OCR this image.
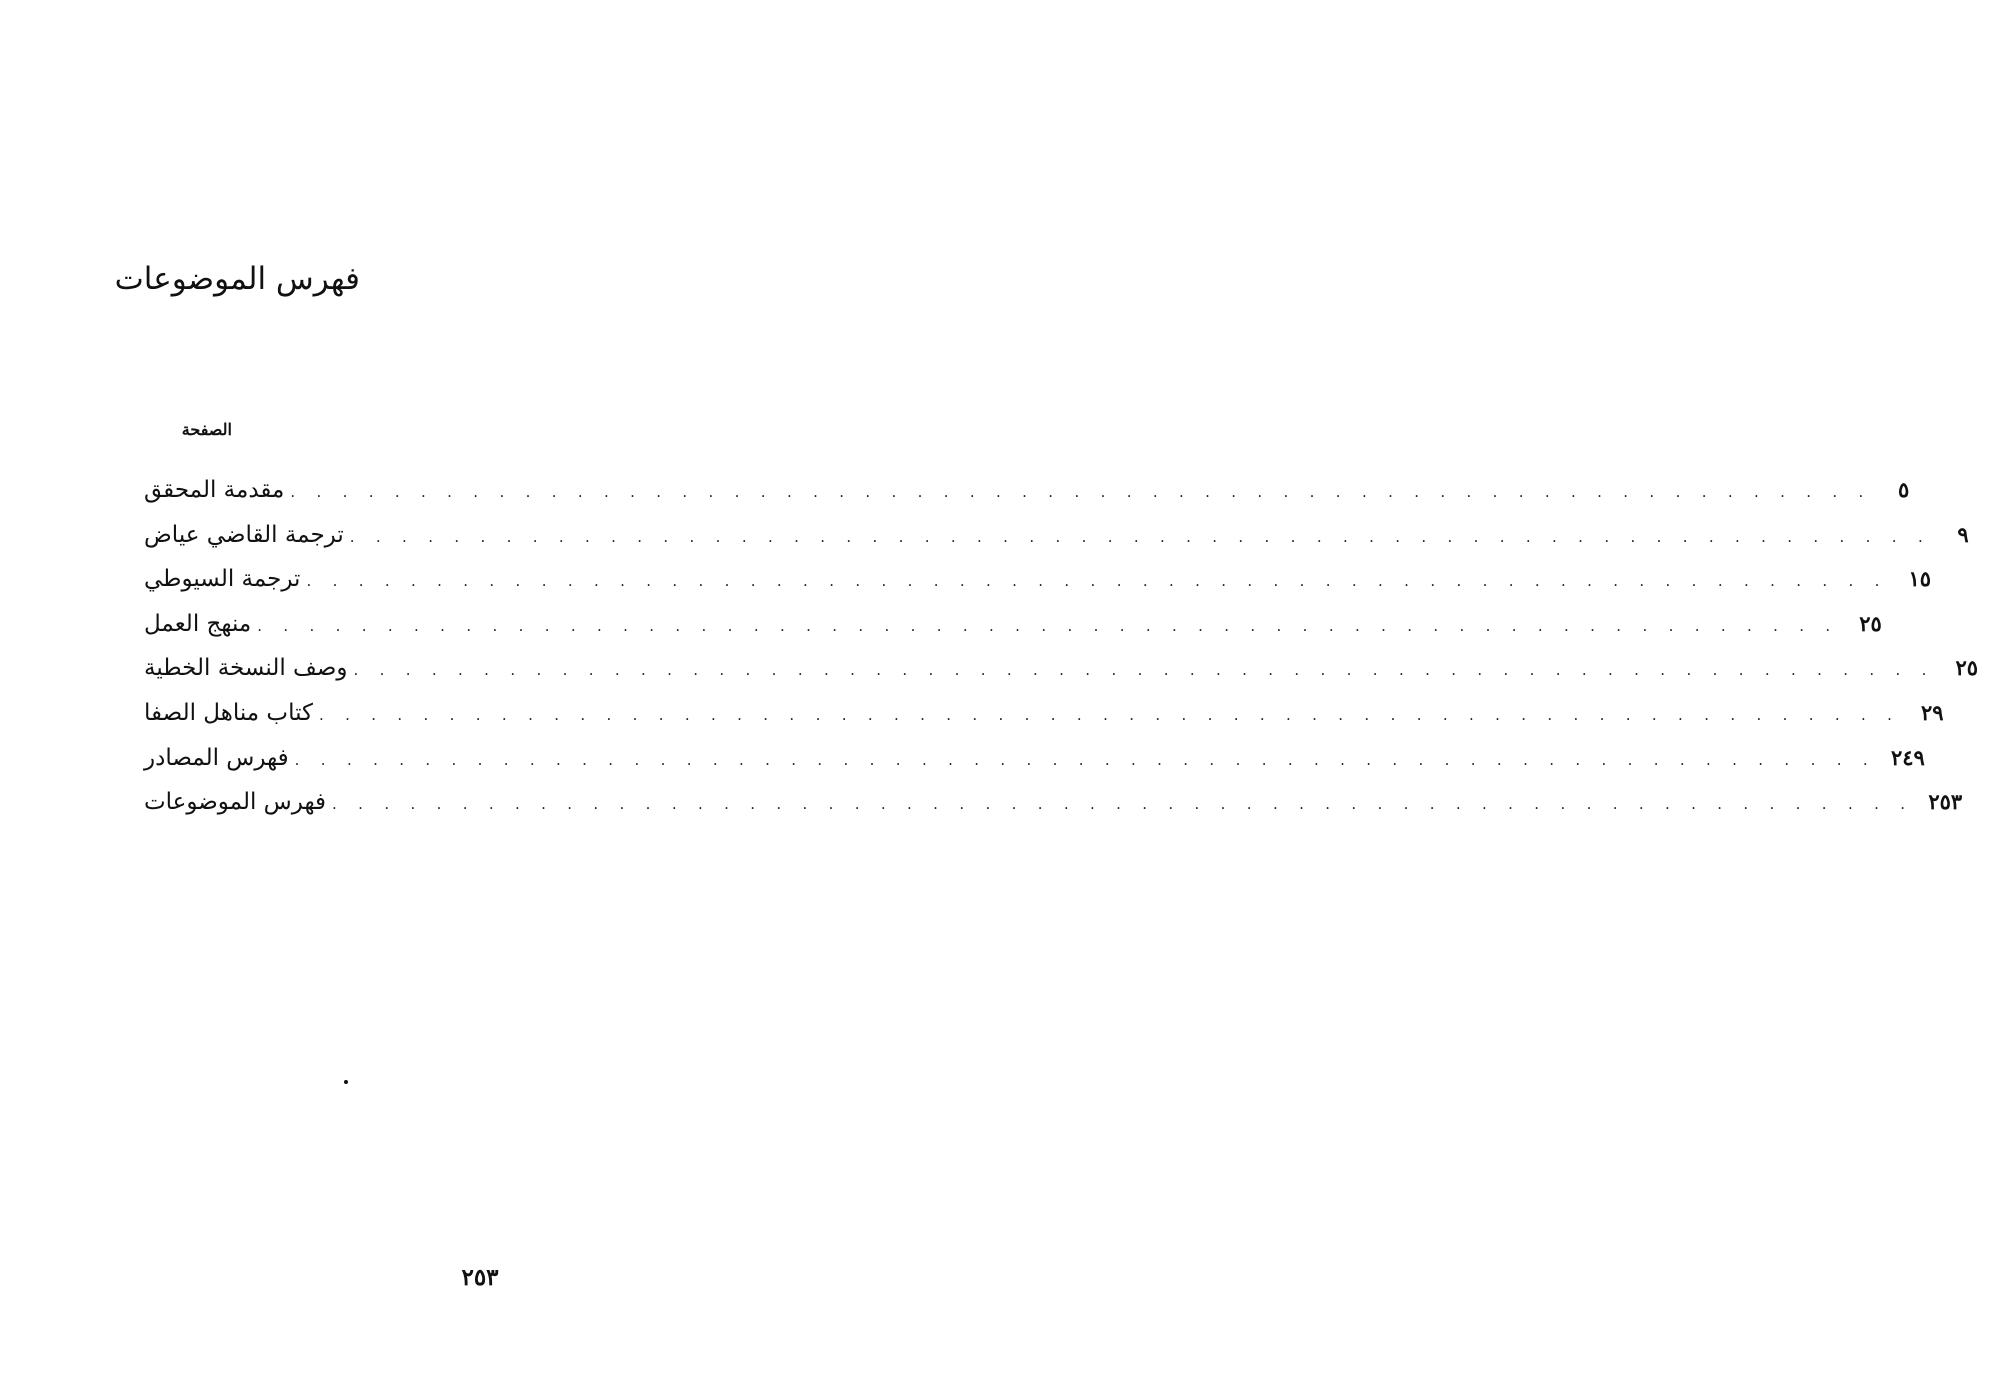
فهرس الموضوعات
الصفحة
مقدمة المحقق . . . . . . . . . . . . . . . . . . . . . . . . . . . . . . . . . . . . . . . . . . . . . . . . . . . . . . . . . . . . .	٥
ترجمة القاضي عياض . . . . . . . . . . . . . . . . . . . . . . . . . . . . . . . . . . . . . . . . . . . . . . . . . . . . . . . . . . . . .	٩
ترجمة السيوطي . . . . . . . . . . . . . . . . . . . . . . . . . . . . . . . . . . . . . . . . . . . . . . . . . . . . . . . . . . . . . ١٥
منهج العمل . . . . . . . . . . . . . . . . . . . . . . . . . . . . . . . . . . . . . . . . . . . . . . . . . . . . . . . . . . . . . ٢٥
وصف النسخة الخطية . . . . . . . . . . . . . . . . . . . . . . . . . . . . . . . . . . . . . . . . . . . . . . . . . . . . . . . . . . . . . ٢٥
كتاب مناهل الصفا . . . . . . . . . . . . . . . . . . . . . . . . . . . . . . . . . . . . . . . . . . . . . . . . . . . . . . . . . . . . . ٢٩
فهرس المصادر . . . . . . . . . . . . . . . . . . . . . . . . . . . . . . . . . . . . . . . . . . . . . . . . . . . . . . . . . . . . . ٢٤٩
فهرس الموضوعات . . . . . . . . . . . . . . . . . . . . . . . . . . . . . . . . . . . . . . . . . . . . . . . . . . . . . . . . . . . . . ٢٥٣
٢٥٣
